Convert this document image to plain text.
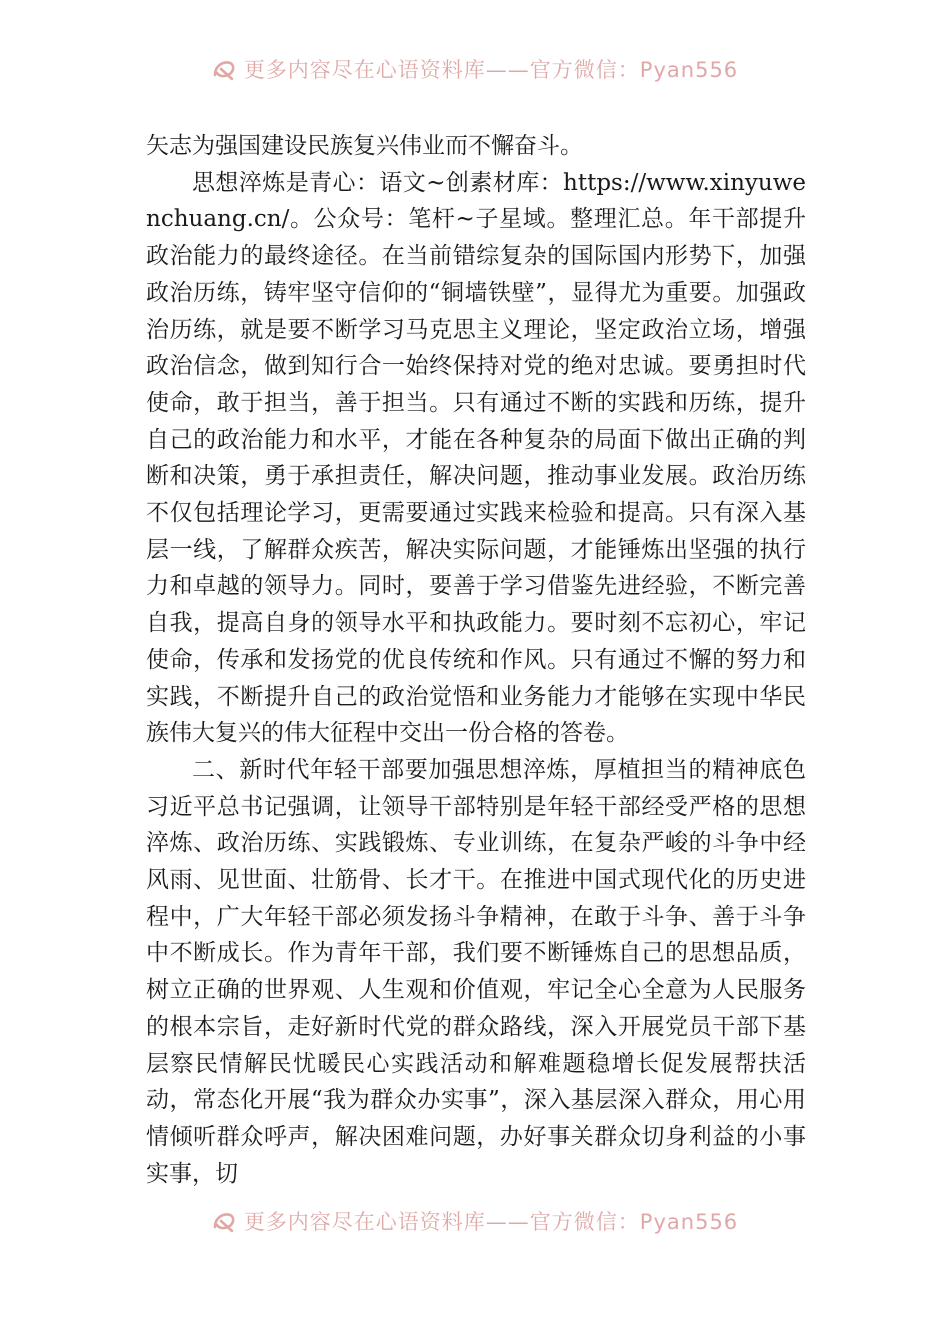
更多内容尽在心语资料库——官方微信：Pyan556

矢志为强国建设民族复兴伟业而不懈奋斗。

思想淬炼是青心：语文~创素材库：https://www.xinyuwenchuang.cn/。公众号：笔杆~子星域。整理汇总。年干部提升政治能力的最终途径。在当前错综复杂的国际国内形势下，加强政治历练，铸牢坚守信仰的“铜墙铁壁”，显得尤为重要。加强政治历练，就是要不断学习马克思主义理论，坚定政治立场，增强政治信念，做到知行合一始终保持对党的绝对忠诚。要勇担时代使命，敢于担当，善于担当。只有通过不断的实践和历练，提升自己的政治能力和水平，才能在各种复杂的局面下做出正确的判断和决策，勇于承担责任，解决问题，推动事业发展。政治历练不仅包括理论学习，更需要通过实践来检验和提高。只有深入基层一线，了解群众疾苦，解决实际问题，才能锤炼出坚强的执行力和卓越的领导力。同时，要善于学习借鉴先进经验，不断完善自我，提高自身的领导水平和执政能力。要时刻不忘初心，牢记使命，传承和发扬党的优良传统和作风。只有通过不懈的努力和实践，不断提升自己的政治觉悟和业务能力才能够在实现中华民族伟大复兴的伟大征程中交出一份合格的答卷。

二、新时代年轻干部要加强思想淬炼，厚植担当的精神底色习近平总书记强调，让领导干部特别是年轻干部经受严格的思想淬炼、政治历练、实践锻炼、专业训练，在复杂严峻的斗争中经风雨、见世面、壮筋骨、长才干。在推进中国式现代化的历史进程中，广大年轻干部必须发扬斗争精神，在敢于斗争、善于斗争中不断成长。作为青年干部，我们要不断锤炼自己的思想品质，树立正确的世界观、人生观和价值观，牢记全心全意为人民服务的根本宗旨，走好新时代党的群众路线，深入开展党员干部下基层察民情解民忧暖民心实践活动和解难题稳增长促发展帮扶活动，常态化开展“我为群众办实事”，深入基层深入群众，用心用情倾听群众呼声，解决困难问题，办好事关群众切身利益的小事实事，切

更多内容尽在心语资料库——官方微信：Pyan556
